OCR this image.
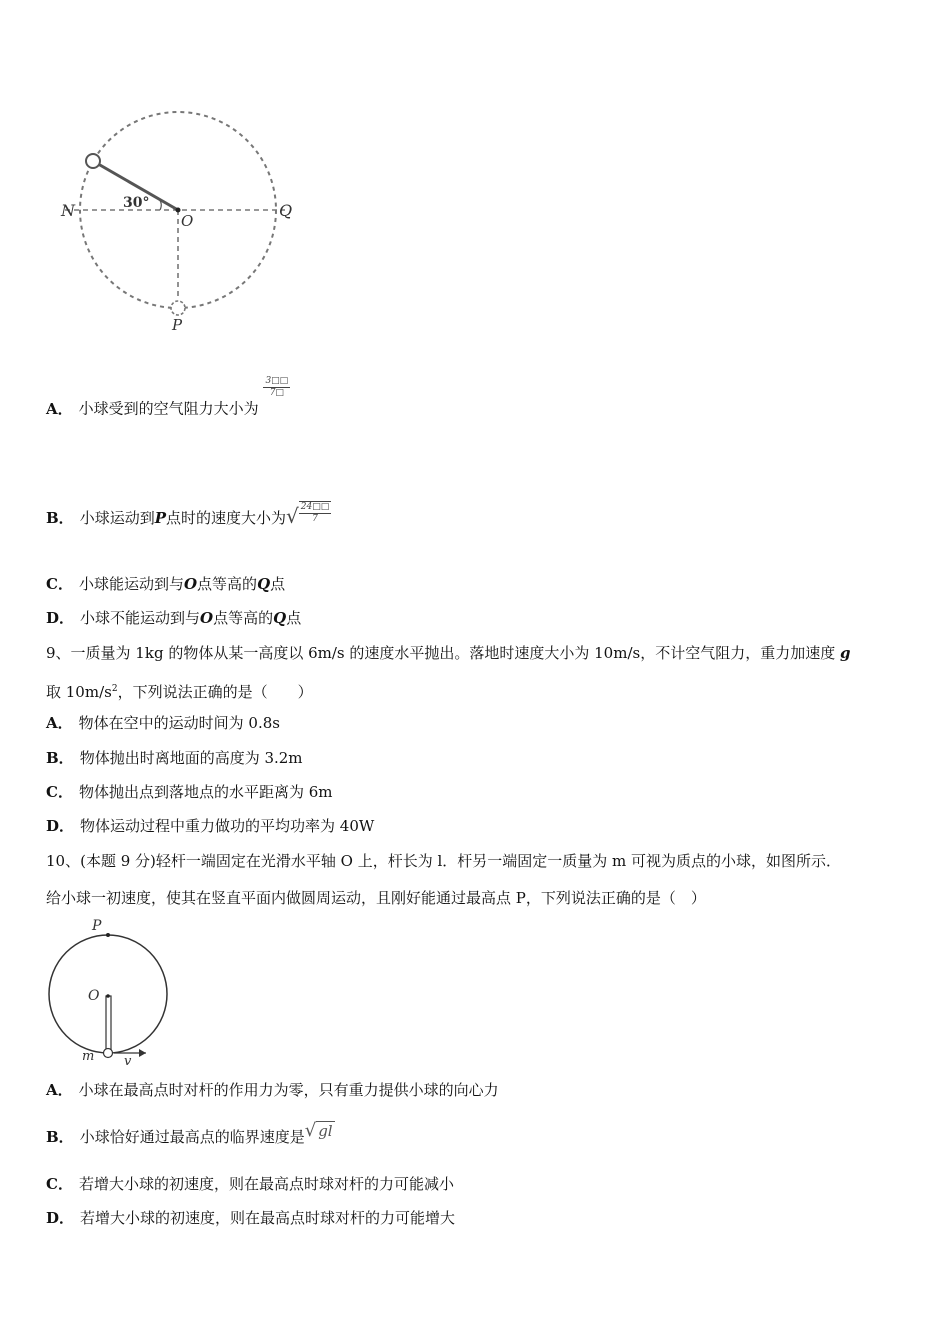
30°
N
O
Q
P
A． 小球受到的空气阻力大小为
$\frac{3□□}{7□}$
B． 小球运动到P点时的速度大小为√ $\frac{24□□}{7}$
C． 小球能运动到与O点等高的Q点
D． 小球不能运动到与O点等高的Q点
9、一质量为 1kg 的物体从某一高度以 6m/s 的速度水平抛出。落地时速度大小为 10m/s，不计空气阻力，重力加速度 g
取 $10m/s^2$，下列说法正确的是（　　）
A． 物体在空中的运动时间为 0.8s
B． 物体抛出时离地面的高度为 3.2m
C． 物体抛出点到落地点的水平距离为 6m
D． 物体运动过程中重力做功的平均功率为 40W
10、(本题 9 分)轻杆一端固定在光滑水平轴 O 上，杆长为 l．杆另一端固定一质量为 m 可视为质点的小球，如图所示．
给小球一初速度，使其在竖直平面内做圆周运动，且刚好能通过最高点 P，下列说法正确的是（　）
P
O
m v
A． 小球在最高点时对杆的作用力为零，只有重力提供小球的向心力
B． 小球恰好通过最高点的临界速度是√ gl
C． 若增大小球的初速度，则在最高点时球对杆的力可能减小
D． 若增大小球的初速度，则在最高点时球对杆的力可能增大
